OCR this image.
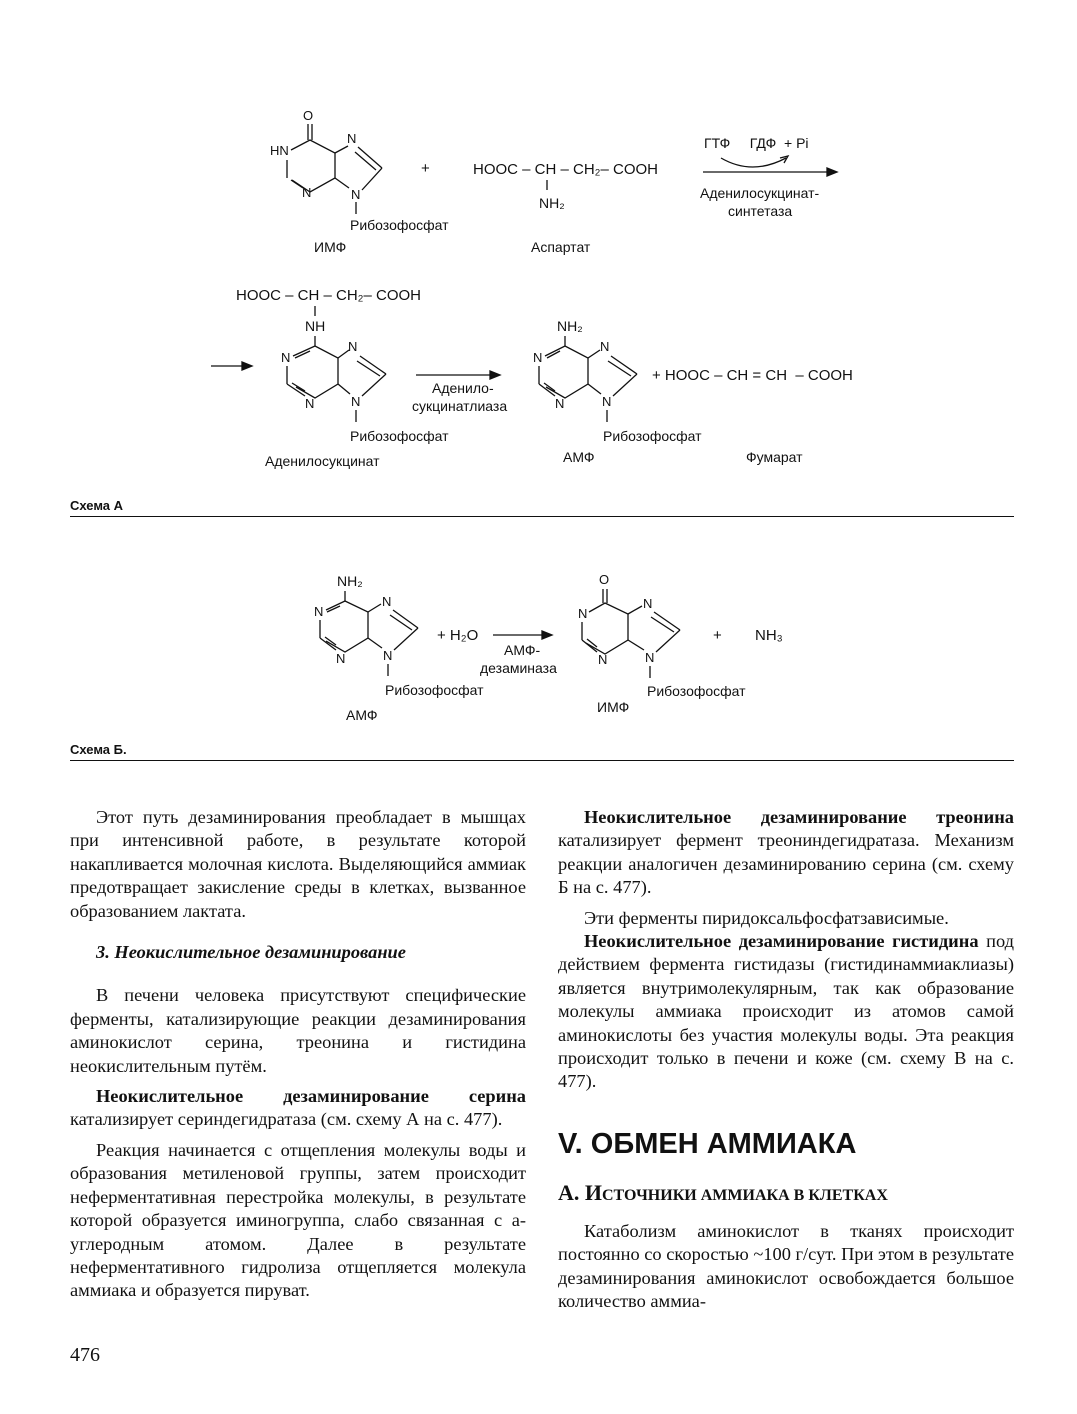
O
HN
N
N
N
Рибозофосфат
ИМФ
+	HOOC – CH – CH₂– COOH
NH₂
Аспартат
ГТФ     ГДФ  + Pi
Аденилосукцинат-
синтетаза
HOOC – CH – CH₂– COOH
NH
N
N
N
N
Рибозофосфат
Аденилосукцинат
Аденило-
сукцинатлиаза
NH₂
N
N
N
N
Рибозофосфат
АМФ
+ HOOC – CH = CH  – COOH
Фумарат
Схема А
NH₂
N
N
N
N
Рибозофосфат
АМФ
+ H₂O
АМФ-
дезаминаза
O
N
N
N
N
Рибозофосфат
ИМФ
+ NH₃
Схема Б.

Этот путь дезаминирования преобладает в мышцах при интенсивной работе, в результате которой накапливается молочная кислота. Выделяющийся аммиак предотвращает закисление среды в клетках, вызванное образованием лактата.

3. Неокислительное дезаминирование

В печени человека присутствуют специфические ферменты, катализирующие реакции дезаминирования аминокислот серина, треонина и гистидина неокислительным путём.

Неокислительное дезаминирование серина катализирует сериндегидратаза (см. схему А на с. 477).

Реакция начинается с отщепления молекулы воды и образования метиленовой группы, затем происходит неферментативная перестройка молекулы, в результате которой образуется иминогруппа, слабо связанная с а-углеродным атомом. Далее в результате неферментативного гидролиза отщепляется молекула аммиака и образуется пируват.

Неокислительное дезаминирование треонина катализирует фермент треониндегидратаза. Механизм реакции аналогичен дезаминированию серина (см. схему Б на с. 477).

Эти ферменты пиридоксальфосфатзависимые.

Неокислительное дезаминирование гистидина под действием фермента гистидазы (гистидинаммиаклиазы) является внутримолекулярным, так как образование молекулы аммиака происходит из атомов самой аминокислоты без участия молекулы воды. Эта реакция происходит только в печени и коже (см. схему В на с. 477).

V. ОБМЕН АММИАКА
А. ИСТОЧНИКИ АММИАКА В КЛЕТКАХ

Катаболизм аминокислот в тканях происходит постоянно со скоростью ~100 г/сут. При этом в результате дезаминирования аминокислот освобождается большое количество аммиа-

476
